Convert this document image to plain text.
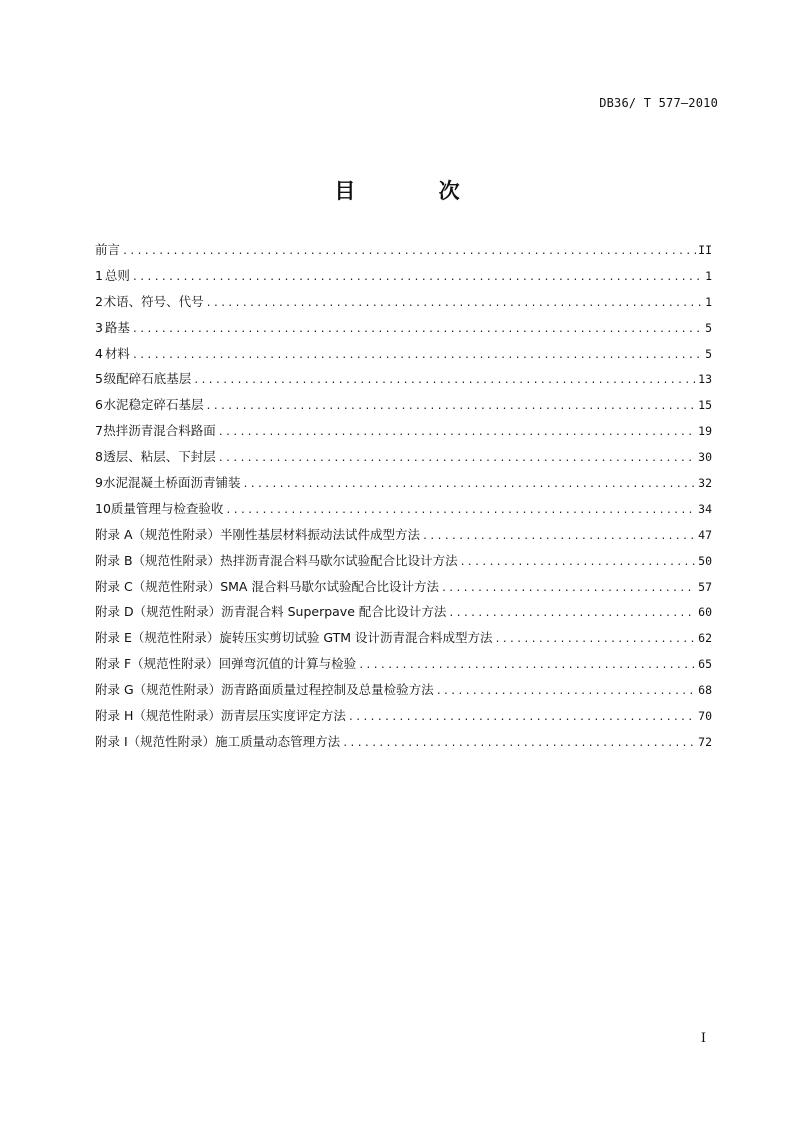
DB36/ T 577—2010
目 次
前言 .....	II
1 总则 .....	1
2 术语、符号、代号 .....	1
3 路基 .....	5
4 材料 .....	5
5 级配碎石底基层 .....	13
6 水泥稳定碎石基层 .....	15
7 热拌沥青混合料路面 .....	19
8 透层、粘层、下封层 .....	30
9 水泥混凝土桥面沥青铺装 .....	32
10 质量管理与检查验收 .....	34
附录 A（规范性附录） 半刚性基层材料振动法试件成型方法 .....	47
附录 B（规范性附录） 热拌沥青混合料马歇尔试验配合比设计方法 .....	50
附录 C（规范性附录） SMA 混合料马歇尔试验配合比设计方法 .....	57
附录 D（规范性附录） 沥青混合料 Superpave 配合比设计方法 .....	60
附录 E（规范性附录） 旋转压实剪切试验 GTM 设计沥青混合料成型方法 .....	62
附录 F（规范性附录） 回弹弯沉值的计算与检验 .....	65
附录 G（规范性附录） 沥青路面质量过程控制及总量检验方法 .....	68
附录 H（规范性附录） 沥青层压实度评定方法 .....	70
附录 I（规范性附录） 施工质量动态管理方法 .....	72
I
